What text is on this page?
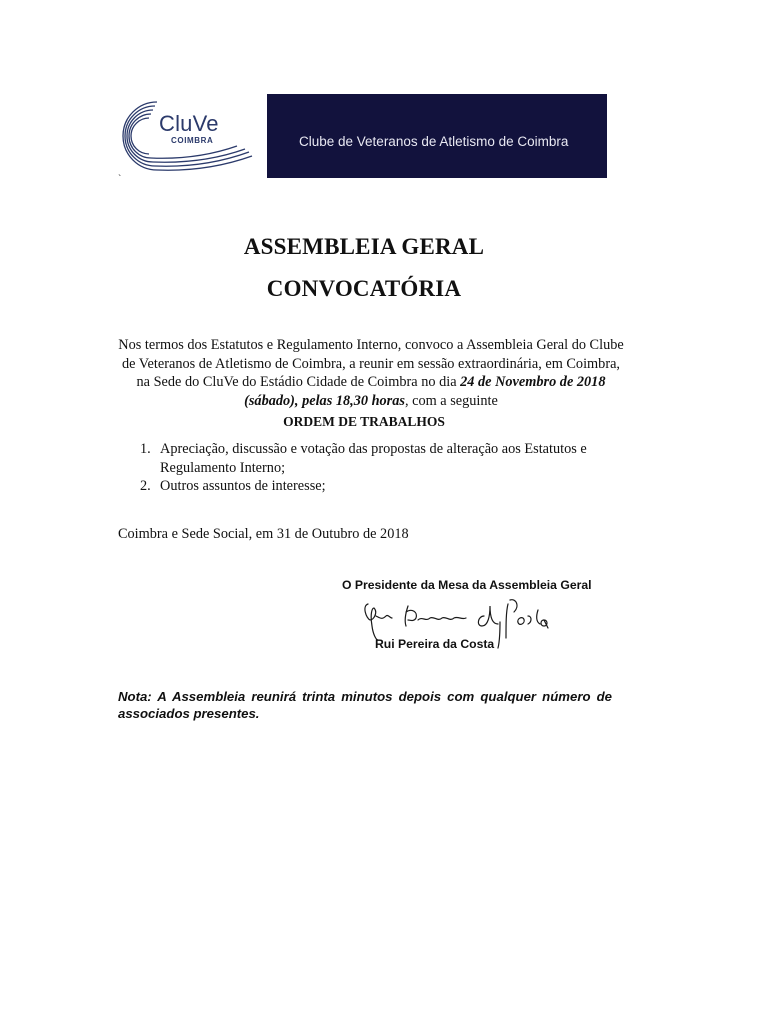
CluVe
COIMBRA	Clube de Veteranos de Atletismo de Coimbra
`
ASSEMBLEIA GERAL
CONVOCATÓRIA
Nos termos dos Estatutos e Regulamento Interno, convoco a Assembleia Geral do Clube de Veteranos de Atletismo de Coimbra, a reunir em sessão extraordinária, em Coimbra, na Sede do CluVe do Estádio Cidade de Coimbra no dia 24 de Novembro de 2018 (sábado), pelas 18,30 horas, com a seguinte
ORDEM DE TRABALHOS
1. Apreciação, discussão e votação das propostas de alteração aos Estatutos e Regulamento Interno;
2. Outros assuntos de interesse;
Coimbra e Sede Social, em 31 de Outubro de 2018
O Presidente da Mesa da Assembleia Geral
Rui Pereira da Costa
Nota: A Assembleia reunirá trinta minutos depois com qualquer número de associados presentes.
